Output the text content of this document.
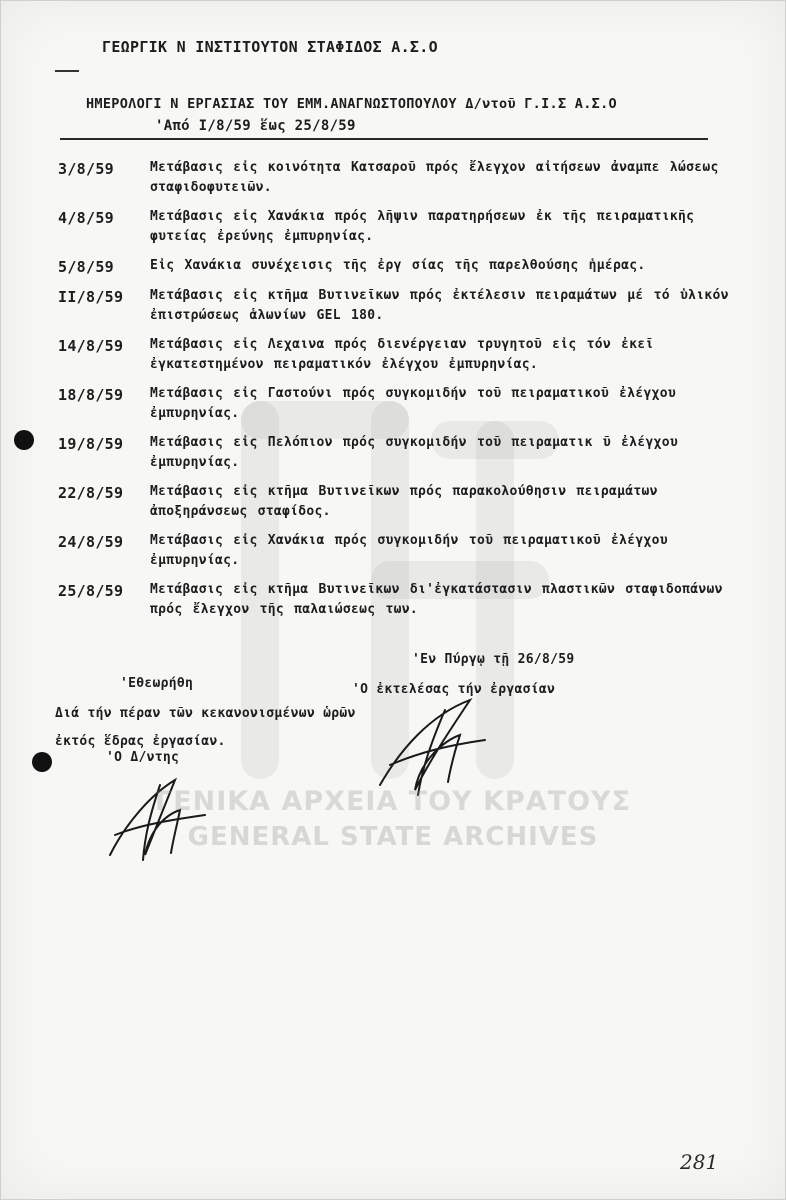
ΓΕΩΡΓΙΚ Ν ΙΝΣΤΙΤΟΥΤΟΝ ΣΤΑΦΙΔΟΣ Α.Σ.Ο
ΗΜΕΡΟΛΟΓΙ Ν ΕΡΓΑΣΙΑΣ ΤΟΥ ΕΜΜ.ΑΝΑΓΝΩΣΤΟΠΟΥΛΟΥ Δ/ντοῦ Γ.Ι.Σ Α.Σ.Ο
'Από Ι/8/59 ἕως 25/8/59
3/8/59	Μετάβασις εἰς κοινότητα Κατσαροῦ πρός ἔλεγχον αἰτήσεων ἀναμπε λώσεως σταφιδοφυτειῶν.
4/8/59	Μετάβασις εἰς Χανάκια πρός λῆψιν παρατηρήσεων ἐκ τῆς πειραματικῆς φυτείας ἐρεύνης ἐμπυρηνίας.
5/8/59	Εἰς Χανάκια συνέχεισις τῆς ἐργ σίας τῆς παρελθούσης ἡμέρας.
ΙΙ/8/59	Μετάβασις εἰς κτῆμα Βυτινεῖκων πρός ἐκτέλεσιν πειραμάτων μέ τό ὑλικόν ἐπιστρώσεως ἁλωνίων GEL 180.
14/8/59	Μετάβασις εἰς Λεχαινα πρός διενέργειαν τρυγητοῦ εἰς τόν ἐκεῖ ἐγκατεστημένον πειραματικόν ἐλέγχου ἐμπυρηνίας.
18/8/59	Μετάβασις εἰς Γαστούνι πρός συγκομιδήν τοῦ πειραματικοῦ ἐλέγχου ἐμπυρηνίας.
19/8/59	Μετάβασις εἰς Πελόπιον πρός συγκομιδήν τοῦ πειραματικ ῦ ἐλέγχου ἐμπυρηνίας.
22/8/59	Μετάβασις εἰς κτῆμα Βυτινεῖκων πρός παρακολούθησιν πειραμάτων ἀποξηράνσεως σταφίδος.
24/8/59	Μετάβασις εἰς Χανάκια πρός συγκομιδήν τοῦ πειραματικοῦ ἐλέγχου ἐμπυρηνίας.
25/8/59	Μετάβασις εἰς κτῆμα Βυτινεῖκων δι'ἐγκατάστασιν πλαστικῶν σταφιδοπάνων πρός ἔλεγχον τῆς παλαιώσεως των.
'Εν Πύργῳ τῇ 26/8/59
'Εθεωρήθη	'Ο ἐκτελέσας τήν ἐργασίαν
Διά τήν πέραν τῶν κεκανονισμένων ὡρῶν ἐκτός ἕδρας ἐργασίαν.
'Ο Δ/ντης
ΓΕΝΙΚΑ ΑΡΧΕΙΑ ΤΟΥ ΚΡΑΤΟΥΣ
GENERAL STATE ARCHIVES
281
